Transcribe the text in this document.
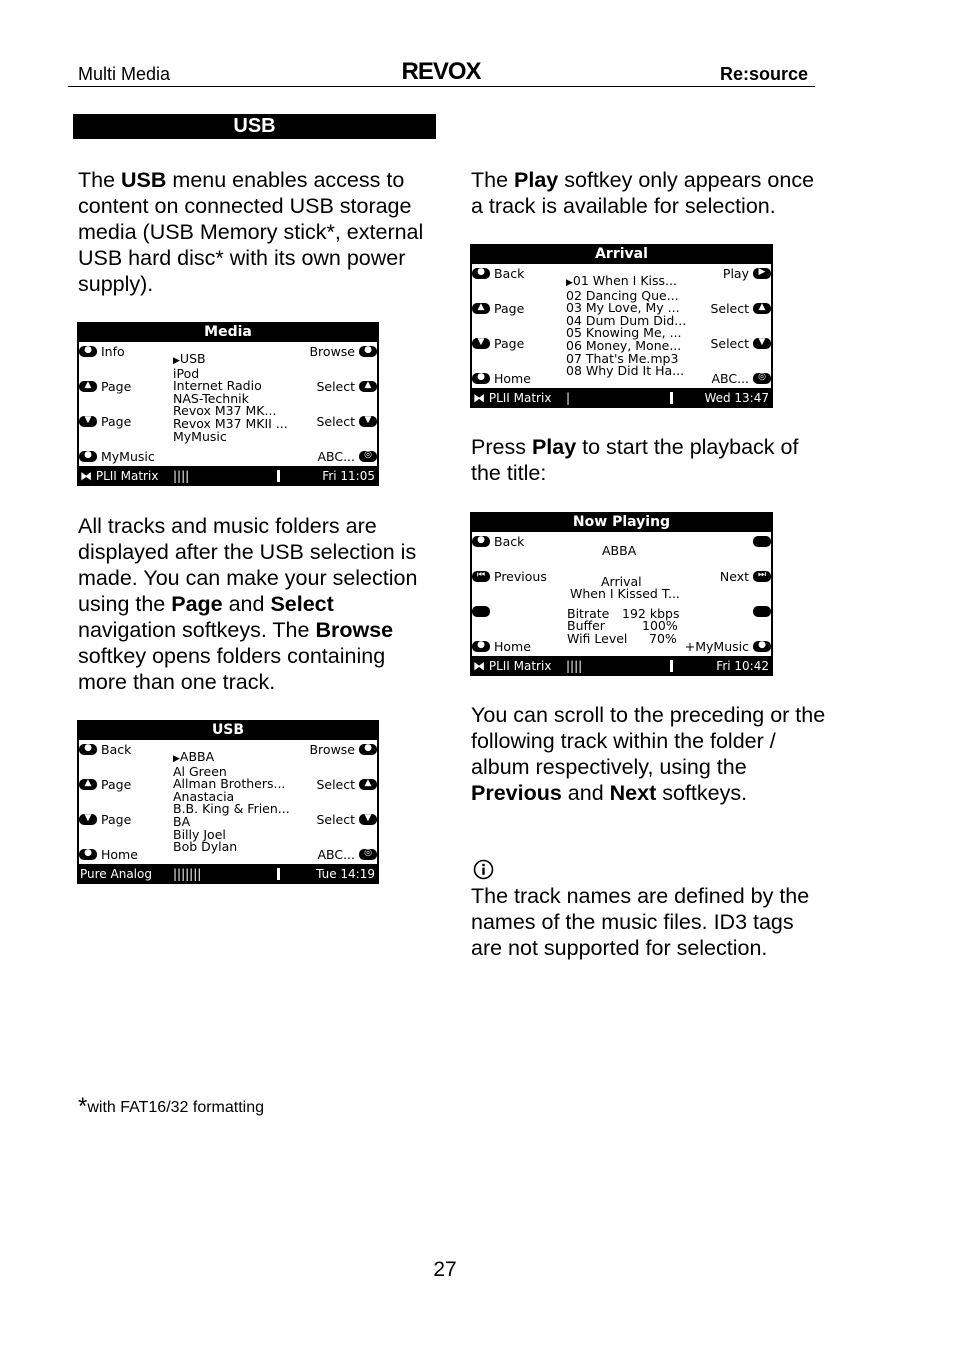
Multi Media	REVOX	Re:source
USB
The USB menu enables access to content on connected USB storage media (USB Memory stick*, external USB hard disc* with its own power supply).
Media
● Info
▲ Page
▼ Page
● MyMusic
Browse	●
Select	▲
Select	▼
ABC...	◎
▶USB
iPod
Internet Radio
NAS-Technik
Revox M37 MK...
Revox M37 MKII ...
MyMusic
⧓ PLII Matrix ||||	Fri 11:05
All tracks and music folders are displayed after the USB selection is made. You can make your selection using the Page and Select navigation softkeys. The Browse softkey opens folders containing more than one track.
USB
● Back
▲ Page
▼ Page
● Home
Browse	●
Select	▲
Select	▼
ABC...	◎
▶ABBA
Al Green
Allman Brothers...
Anastacia
B.B. King & Frien...
BA
Billy Joel
Bob Dylan
Pure Analog |||||||	Tue 14:19
The Play softkey only appears once a track is available for selection.
Arrival
● Back
▲ Page
▼ Page
● Home
Play	▶
Select	▲
Select	▼
ABC...	◎
▶01 When I Kiss...
02 Dancing Que...
03 My Love, My ...
04 Dum Dum Did...
05 Knowing Me, ...
06 Money, Mone...
07 That's Me.mp3
08 Why Did It Ha...
⧓ PLII Matrix |	Wed 13:47
Press Play to start the playback of the title:
Now Playing
● Back
⏮ Previous
● Home
Next ⏭
+MyMusic	●
ABBA
Arrival
When I Kissed T...
Bitrate 192 kbps
Buffer	100%
Wifi Level 70%
⧓ PLII Matrix ||||	Fri 10:42
You can scroll to the preceding or the following track within the folder / album respectively, using the Previous and Next softkeys.
The track names are defined by the names of the music files. ID3 tags are not supported for selection.
*with FAT16/32 formatting
27
